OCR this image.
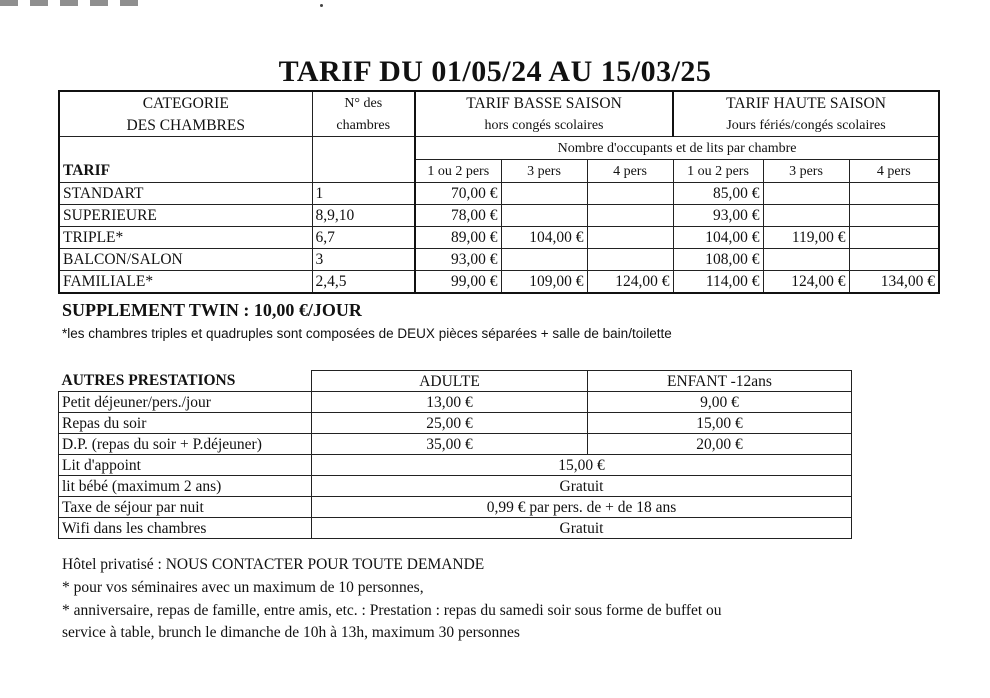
TARIF DU 01/05/24 AU 15/03/25
CATEGORIE	N° des	TARIF BASSE SAISON			TARIF HAUTE SAISON		
DES CHAMBRES	chambres	hors congés scolaires			Jours fériés/congés scolaires		
		Nombre d'occupants et de lits par chambre					
TARIF		1 ou 2 pers	3 pers	4 pers	1 ou 2 pers	3 pers	4 pers
STANDART	1	70,00 €			85,00 €		
SUPERIEURE	8,9,10	78,00 €			93,00 €		
TRIPLE*	6,7	89,00 €	104,00 €		104,00 €	119,00 €	
BALCON/SALON	3	93,00 €			108,00 €		
FAMILIALE*	2,4,5	99,00 €	109,00 €	124,00 €	114,00 €	124,00 €	134,00 €
SUPPLEMENT TWIN : 10,00 €/JOUR
*les chambres triples et quadruples sont composées de DEUX pièces séparées + salle de bain/toilette
AUTRES PRESTATIONS	ADULTE	ENFANT -12ans
Petit déjeuner/pers./jour	13,00 €	9,00 €
Repas du soir	25,00 €	15,00 €
D.P. (repas du soir + P.déjeuner)	35,00 €	20,00 €
Lit d'appoint	15,00 €	
lit bébé (maximum 2 ans)	Gratuit	
Taxe de séjour par nuit	0,99 € par pers. de + de 18 ans	
Wifi dans les chambres	Gratuit	
Hôtel privatisé : NOUS CONTACTER POUR TOUTE DEMANDE
* pour vos séminaires avec un maximum de 10 personnes,
* anniversaire, repas de famille, entre amis, etc. : Prestation : repas du samedi soir sous forme de buffet ou
service à table, brunch le dimanche de 10h à 13h, maximum 30 personnes
